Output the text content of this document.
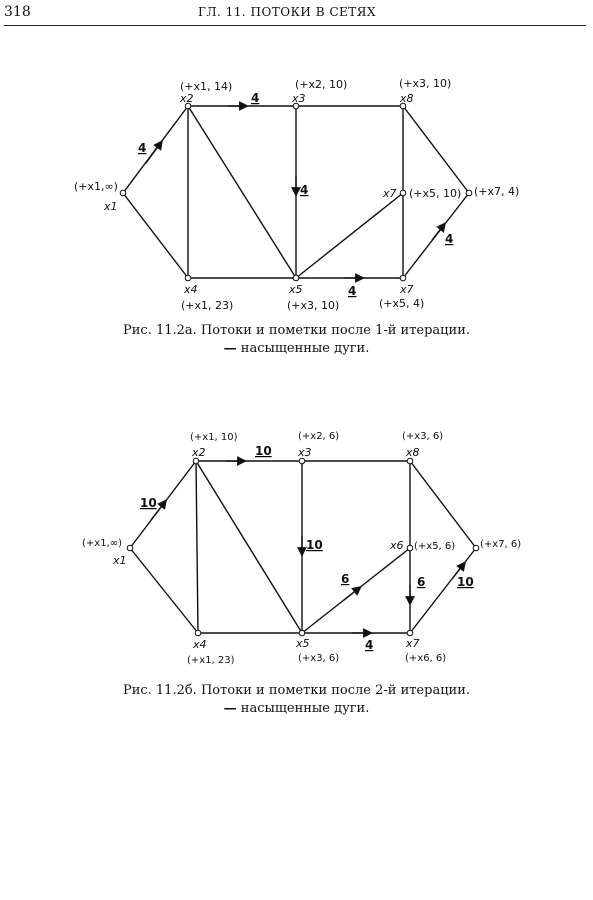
318	ГЛ. 11. ПОТОКИ В СЕТЯХ
x1
x2	x3	x8
x7
x4	x5	x7
(+x1,∞)
(+x1, 14)	(+x2, 10)	(+x3, 10)
(+x5, 10) (+x7, 4)
(+x1, 23)	(+x3, 10)	(+x5, 4)
4
4
4
4
4
Рис. 11.2а. Потоки и пометки после 1-й итерации.
— насыщенные дуги.
x1
x2	x3	x8
x6
x4	x5	x7
(+x1,∞)
(+x1, 10)	(+x2, 6)	(+x3, 6)
(+x5, 6) (+x7, 6)
(+x1, 23)	(+x3, 6)	(+x6, 6)
10
10
10
6	6	10
4
Рис. 11.2б. Потоки и пометки после 2-й итерации.
— насыщенные дуги.
